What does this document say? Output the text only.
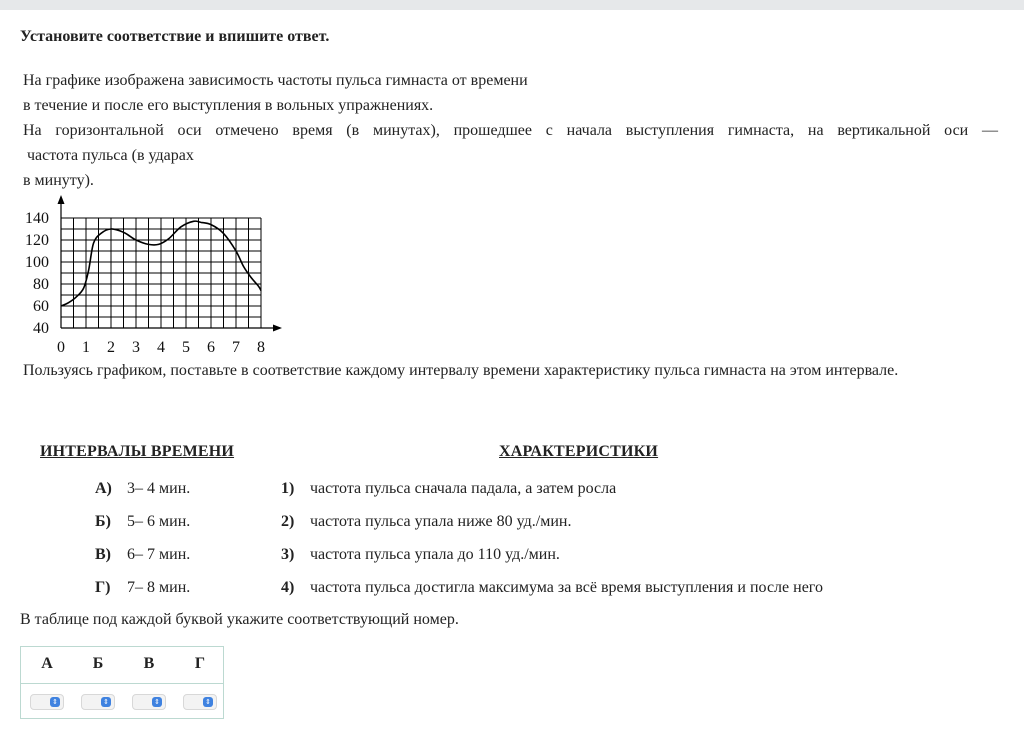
Установите соответствие и впишите ответ.
На графике изображена зависимость частоты пульса гимнаста от времени
в течение и после его выступления в вольных упражнениях.
На горизонтальной оси отмечено время (в минутах), прошедшее с начала выступления гимнаста, на вертикальной оси —
частота пульса (в ударах
в минуту).
40
60
80
100
120
140
0 1 2 3 4 5 6 7 8
Пользуясь графиком, поставьте в соответствие каждому интервалу времени характеристику пульса гимнаста на этом интервале.
ИНТЕРВАЛЫ ВРЕМЕНИ	ХАРАКТЕРИСТИКИ
А) 3– 4 мин.	1) частота пульса сначала падала, а затем росла
Б) 5– 6 мин.	2) частота пульса упала ниже 80 уд./мин.
В) 6– 7 мин.	3) частота пульса упала до 110 уд./мин.
Г) 7– 8 мин.	4) частота пульса достигла максимума за всё время выступления и после него
В таблице под каждой буквой укажите соответствующий номер.
А	Б	В	Г
⇕	⇕	⇕	⇕
